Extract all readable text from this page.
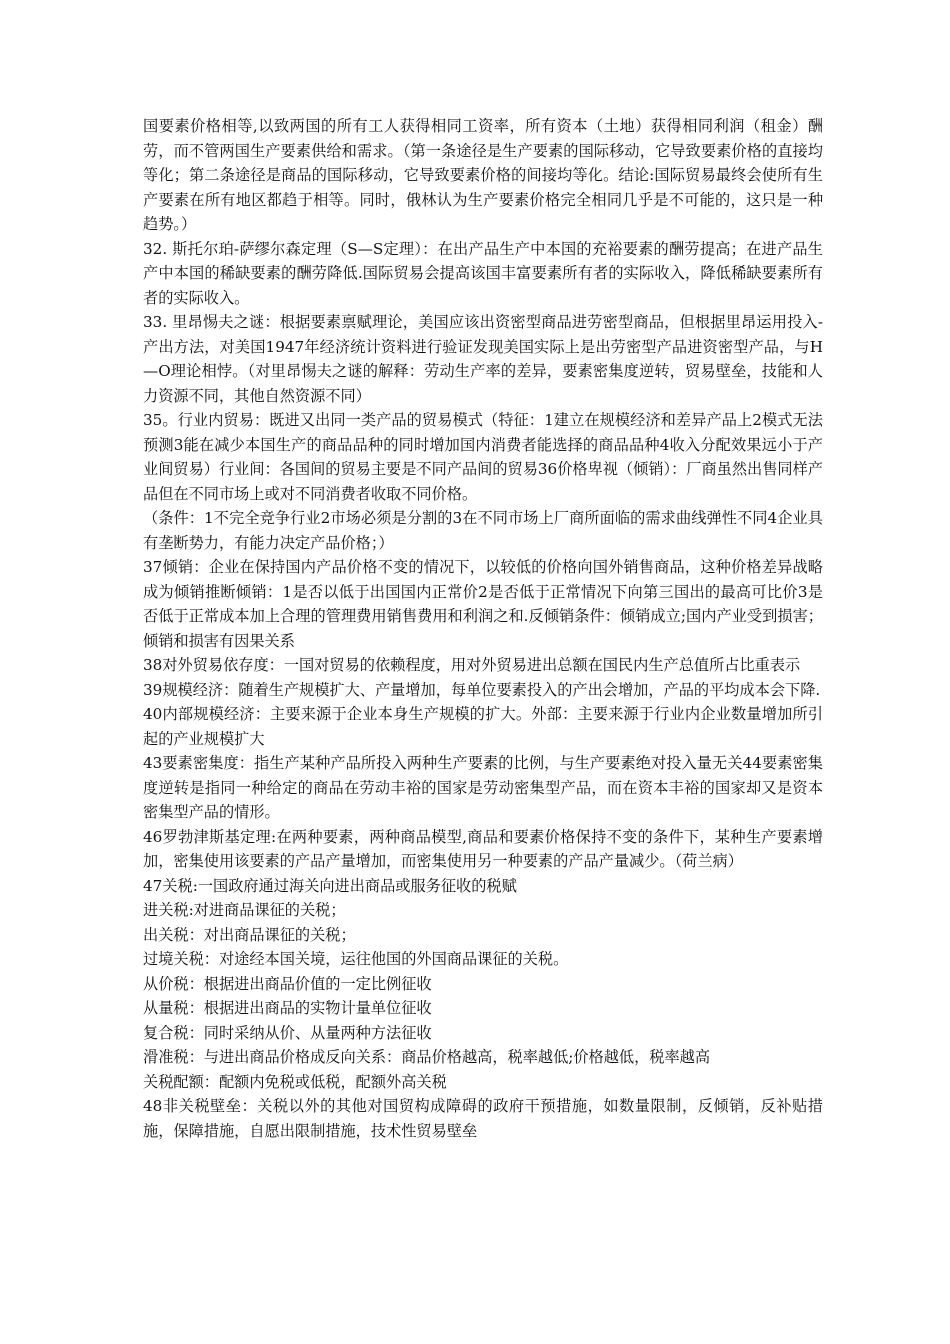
国要素价格相等,以致两国的所有工人获得相同工资率，所有资本（土地）获得相同利润（租金）酬劳，而不管两国生产要素供给和需求。（第一条途径是生产要素的国际移动，它导致要素价格的直接均等化；第二条途径是商品的国际移动，它导致要素价格的间接均等化。结论:国际贸易最终会使所有生产要素在所有地区都趋于相等。同时，俄林认为生产要素价格完全相同几乎是不可能的，这只是一种趋势。）

32. 斯托尔珀-萨缪尔森定理（S—S定理）：在出产品生产中本国的充裕要素的酬劳提高；在进产品生产中本国的稀缺要素的酬劳降低.国际贸易会提高该国丰富要素所有者的实际收入，降低稀缺要素所有者的实际收入。

33. 里昂惕夫之谜：根据要素禀赋理论，美国应该出资密型商品进劳密型商品，但根据里昂运用投入-产出方法，对美国1947年经济统计资料进行验证发现美国实际上是出劳密型产品进资密型产品，与H—O理论相悖。（对里昂惕夫之谜的解释：劳动生产率的差异，要素密集度逆转，贸易壁垒，技能和人力资源不同，其他自然资源不同）

35。行业内贸易：既进又出同一类产品的贸易模式（特征：1建立在规模经济和差异产品上2模式无法预测3能在减少本国生产的商品品种的同时增加国内消费者能选择的商品品种4收入分配效果远小于产业间贸易）行业间：各国间的贸易主要是不同产品间的贸易36价格卑视（倾销）：厂商虽然出售同样产品但在不同市场上或对不同消费者收取不同价格。

（条件：1不完全竞争行业2市场必须是分割的3在不同市场上厂商所面临的需求曲线弹性不同4企业具有垄断势力，有能力决定产品价格；）

37倾销：企业在保持国内产品价格不变的情况下，以较低的价格向国外销售商品，这种价格差异战略成为倾销推断倾销：1是否以低于出国国内正常价2是否低于正常情况下向第三国出的最高可比价3是否低于正常成本加上合理的管理费用销售费用和利润之和.反倾销条件：倾销成立;国内产业受到损害；倾销和损害有因果关系

38对外贸易依存度：一国对贸易的依赖程度，用对外贸易进出总额在国民内生产总值所占比重表示

39规模经济：随着生产规模扩大、产量增加，每单位要素投入的产出会增加，产品的平均成本会下降.

40内部规模经济：主要来源于企业本身生产规模的扩大。外部：主要来源于行业内企业数量增加所引起的产业规模扩大

43要素密集度：指生产某种产品所投入两种生产要素的比例，与生产要素绝对投入量无关44要素密集度逆转是指同一种给定的商品在劳动丰裕的国家是劳动密集型产品，而在资本丰裕的国家却又是资本密集型产品的情形。

46罗勃津斯基定理:在两种要素，两种商品模型,商品和要素价格保持不变的条件下，某种生产要素增加，密集使用该要素的产品产量增加，而密集使用另一种要素的产品产量减少。（荷兰病）

47关税:一国政府通过海关向进出商品或服务征收的税赋

进关税:对进商品课征的关税；

出关税：对出商品课征的关税；

过境关税：对途经本国关境，运往他国的外国商品课征的关税。

从价税：根据进出商品价值的一定比例征收

从量税：根据进出商品的实物计量单位征收

复合税：同时采纳从价、从量两种方法征收

滑准税：与进出商品价格成反向关系：商品价格越高，税率越低;价格越低，税率越高

关税配额：配额内免税或低税，配额外高关税

48非关税壁垒：关税以外的其他对国贸构成障碍的政府干预措施，如数量限制，反倾销，反补贴措施，保障措施，自愿出限制措施，技术性贸易壁垒
